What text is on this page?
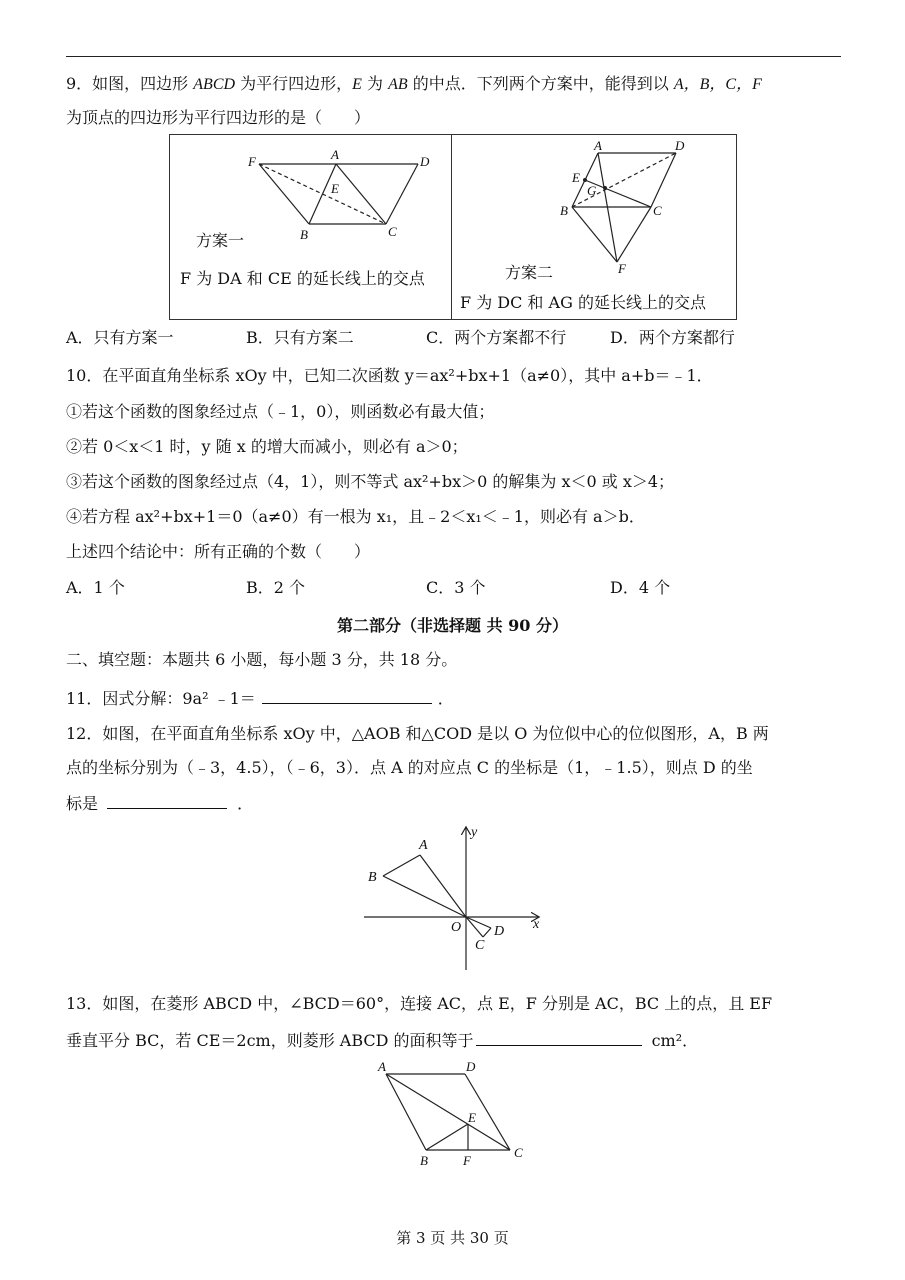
9．如图，四边形 ABCD 为平行四边形，E 为 AB 的中点．下列两个方案中，能得到以 A，B，C，F
为顶点的四边形为平行四边形的是（　　）
F	A	D
E
B	C
方案一
F 为 DA 和 CE 的延长线上的交点
A	D
E
G
B	C
F
方案二
F 为 DC 和 AG 的延长线上的交点
A．只有方案一	B．只有方案二	C．两个方案都不行	D．两个方案都行
10．在平面直角坐标系 xOy 中，已知二次函数 y＝ax²+bx+1（a≠0），其中 a+b＝﹣1．
①若这个函数的图象经过点（﹣1，0），则函数必有最大值；
②若 0＜x＜1 时，y 随 x 的增大而减小，则必有 a＞0；
③若这个函数的图象经过点（4，1），则不等式 ax²+bx＞0 的解集为 x＜0 或 x＞4；
④若方程 ax²+bx+1＝0（a≠0）有一根为 x₁，且﹣2＜x₁＜﹣1，则必有 a＞b．
上述四个结论中：所有正确的个数（　　）
A．1 个	B．2 个	C．3 个	D．4 个
第二部分（非选择题 共 90 分）
二、填空题：本题共 6 小题，每小题 3 分，共 18 分。
11．因式分解：9a² ﹣1＝	．
12．如图，在平面直角坐标系 xOy 中，△AOB 和△COD 是以 O 为位似中心的位似图形，A，B 两
点的坐标分别为（﹣3，4.5），（﹣6，3）．点 A 的对应点 C 的坐标是（1，﹣1.5），则点 D 的坐
标是	．
y
x
A
B
O
C
D
13．如图，在菱形 ABCD 中，∠BCD＝60°，连接 AC，点 E，F 分别是 AC，BC 上的点，且 EF
垂直平分 BC，若 CE＝2cm，则菱形 ABCD 的面积等于	cm²．
A	D
E
B	F
C
第 3 页 共 30 页
